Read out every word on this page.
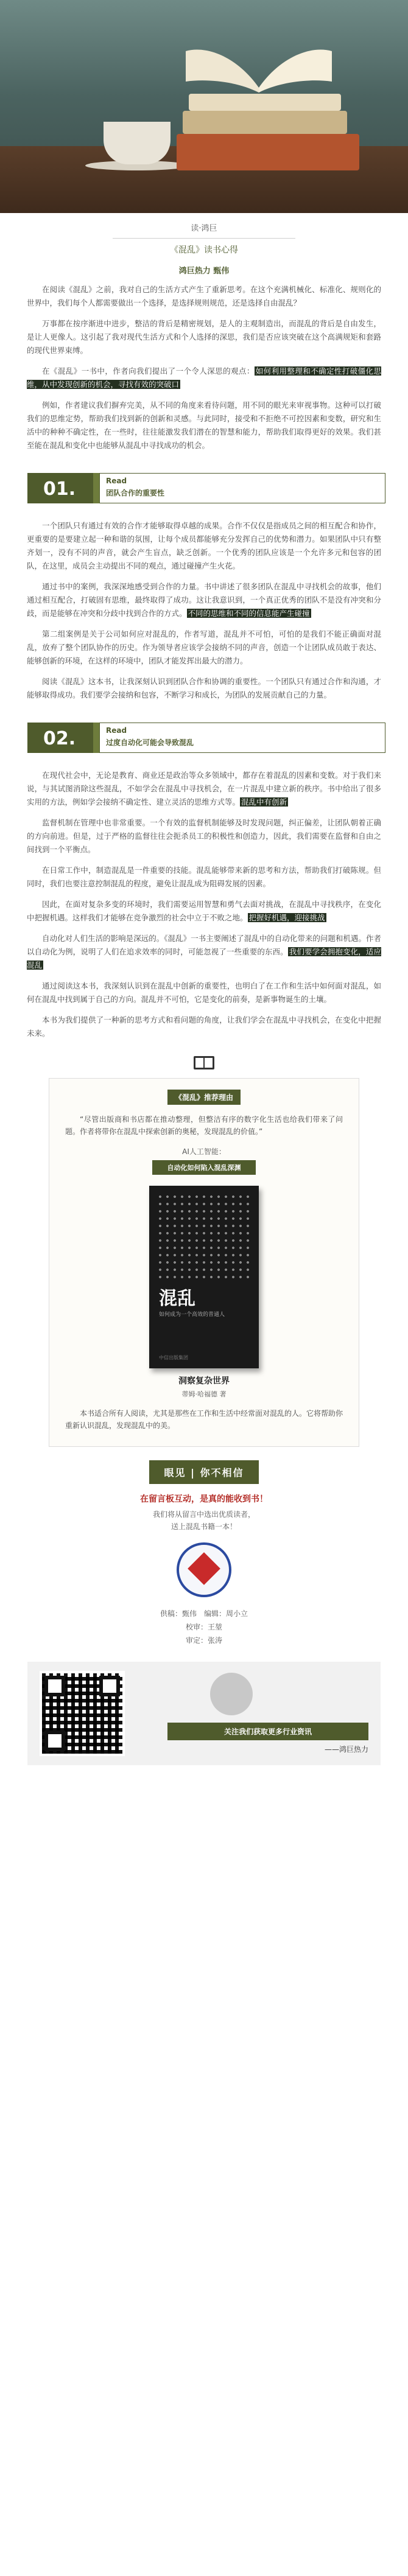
读·鸿巨
《混乱》读书心得
鸿巨热力 甄伟

在阅读《混乱》之前，我对自己的生活方式产生了重新思考。在这个充满机械化、标准化、规则化的世界中，我们每个人都需要做出一个选择，是选择规则规范，还是选择自由混乱？

万事都在按序渐进中进步，整洁的背后是精密规划，是人的主观制造出，而混乱的背后是自由发生，是让人更像人。这引起了我对现代生活方式和个人选择的深思，我们是否应该突破在这个高满规矩和套路的现代世界束缚。

在《混乱》一书中，作者向我们提出了一个令人深思的观点： 如何利用整理和不确定性打破僵化思维，从中发现创新的机会，寻找有效的突破口

例如，作者建议我们摒弃完美，从不同的角度来看待问题，用不同的眼光来审视事物。这种可以打破我们的思维定势，帮助我们找到新的创新和灵感。与此同时，接受和不拒绝不可控因素和变数，研究和生活中的种种不确定性，在一些时，往往能激发我们潜在的智慧和能力，帮助我们取得更好的效果。我们甚至能在混乱和变化中也能够从混乱中寻找成功的机会。

01.	Read
团队合作的重要性

一个团队只有通过有效的合作才能够取得卓越的成果。合作不仅仅是指成员之间的相互配合和协作，更重要的是要建立起一种和谐的氛围，让每个成员都能够充分发挥自己的优势和潜力。如果团队中只有整齐划一，没有不同的声音，就会产生盲点，缺乏创新。一个优秀的团队应该是一个允许多元和包容的团队，在这里，成员会主动提出不同的观点，通过碰撞产生火花。

通过书中的案例，我深深地感受到合作的力量。书中讲述了很多团队在混乱中寻找机会的故事，他们通过相互配合，打破固有思维，最终取得了成功。这让我意识到，一个真正优秀的团队不是没有冲突和分歧，而是能够在冲突和分歧中找到合作的方式。 不同的思维和不同的信息能产生碰撞

第二组案例是关于公司如何应对混乱的，作者写道，混乱并不可怕，可怕的是我们不能正确面对混乱，放弃了整个团队协作的历史。作为领导者应该学会接纳不同的声音，创造一个让团队成员敢于表达、能够创新的环境，在这样的环境中，团队才能发挥出最大的潜力。

阅读《混乱》这本书，让我深刻认识到团队合作和协调的重要性。一个团队只有通过合作和沟通，才能够取得成功。我们要学会接纳和包容，不断学习和成长，为团队的发展贡献自己的力量。

02.	Read
过度自动化可能会导致混乱

在现代社会中，无论是教育、商业还是政治等众多领域中，都存在着混乱的因素和变数。对于我们来说，与其试图消除这些混乱，不如学会在混乱中寻找机会，在一片混乱中建立新的秩序。书中给出了很多实用的方法，例如学会接纳不确定性、建立灵活的思维方式等。 混乱中有创新

监督机制在管理中也非常重要。一个有效的监督机制能够及时发现问题，纠正偏差，让团队朝着正确的方向前进。但是，过于严格的监督往往会扼杀员工的积极性和创造力，因此，我们需要在监督和自由之间找到一个平衡点。

在日常工作中，制造混乱是一件重要的技能。混乱能够带来新的思考和方法，帮助我们打破陈规。但同时，我们也要注意控制混乱的程度，避免让混乱成为阻碍发展的因素。

因此，在面对复杂多变的环境时，我们需要运用智慧和勇气去面对挑战，在混乱中寻找秩序，在变化中把握机遇。这样我们才能够在竞争激烈的社会中立于不败之地。 把握好机遇，迎接挑战

自动化对人们生活的影响是深远的。《混乱》一书主要阐述了混乱中的自动化带来的问题和机遇。作者以自动化为例，说明了人们在追求效率的同时，可能忽视了一些重要的东西。 我们要学会拥抱变化，适应混乱

通过阅读这本书，我深刻认识到在混乱中创新的重要性，也明白了在工作和生活中如何面对混乱，如何在混乱中找到属于自己的方向。混乱并不可怕，它是变化的前奏，是新事物诞生的土壤。

本书为我们提供了一种新的思考方式和看问题的角度，让我们学会在混乱中寻找机会，在变化中把握未来。

《混乱》推荐理由

“尽管出版商和书店都在推动整理，但整洁有序的数字化生活也给我们带来了问题。作者将带你在混乱中探索创新的奥秘，发现混乱的价值。”

AI人工智能：
自动化如何陷入混乱深渊
混乱
如何成为一个高效的普通人
中信出版集团
洞察复杂世界
蒂姆·哈福德 著

本书适合所有人阅读，尤其是那些在工作和生活中经常面对混乱的人。它将帮助你重新认识混乱，发现混乱中的美。

眼见 | 你不相信
在留言板互动，是真的能收到书！
我们将从留言中选出优质读者，
送上混乱书籍一本！
供稿：甄伟　编辑：周小立
校审：王堃
审定：张涛
关注我们获取更多行业资讯
——鸿巨热力
